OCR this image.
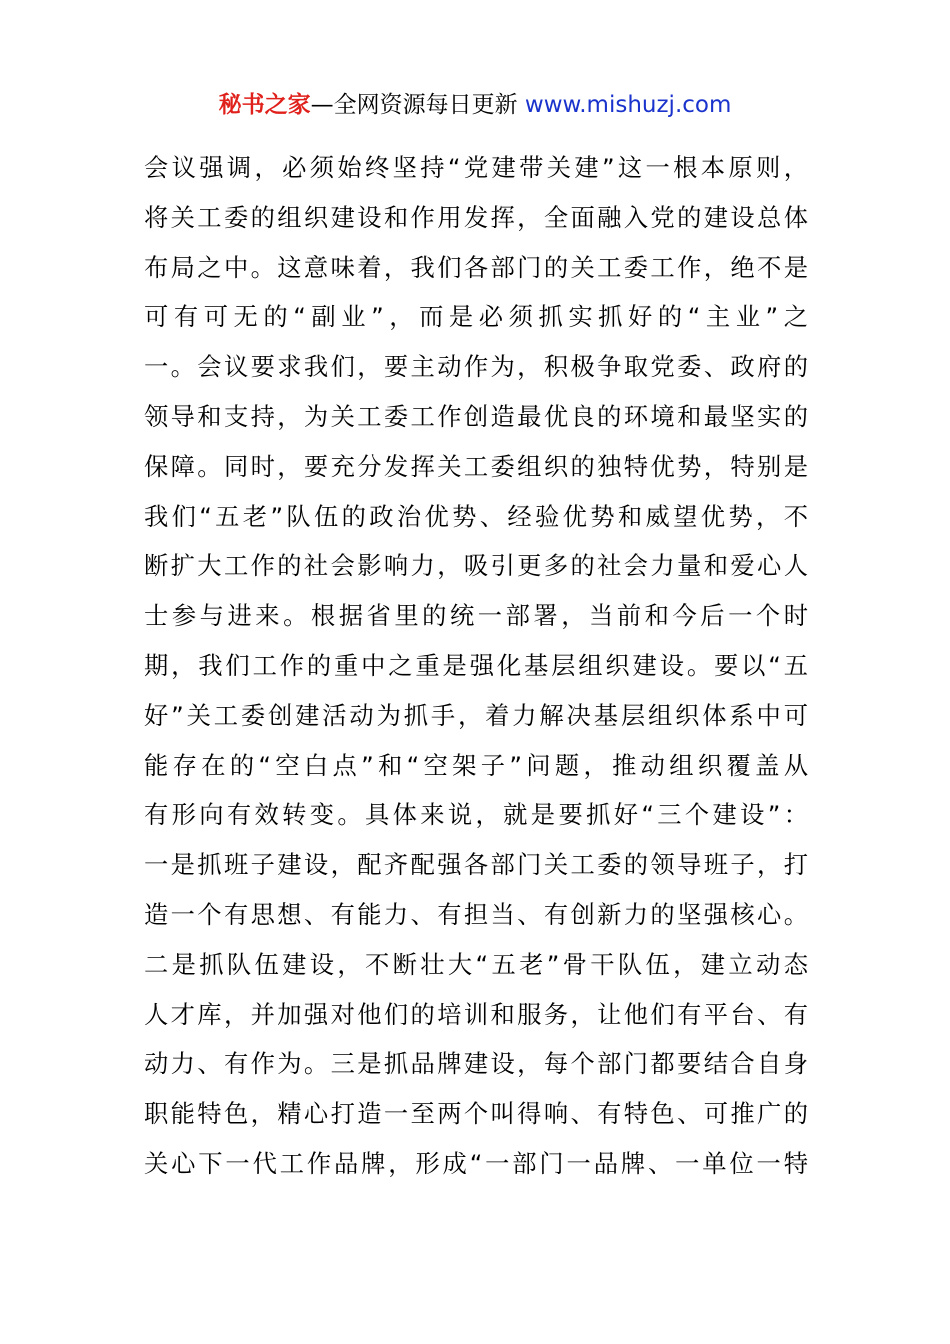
秘书之家—全网资源每日更新 www.mishuzj.com
会议强调，必须始终坚持“党建带关建”这一根本原则，
将关工委的组织建设和作用发挥，全面融入党的建设总体
布局之中。这意味着，我们各部门的关工委工作，绝不是
可有可无的“副业”，而是必须抓实抓好的“主业”之
一。会议要求我们，要主动作为，积极争取党委、政府的
领导和支持，为关工委工作创造最优良的环境和最坚实的
保障。同时，要充分发挥关工委组织的独特优势，特别是
我们“五老”队伍的政治优势、经验优势和威望优势，不
断扩大工作的社会影响力，吸引更多的社会力量和爱心人
士参与进来。根据省里的统一部署，当前和今后一个时
期，我们工作的重中之重是强化基层组织建设。要以“五
好”关工委创建活动为抓手，着力解决基层组织体系中可
能存在的“空白点”和“空架子”问题，推动组织覆盖从
有形向有效转变。具体来说，就是要抓好“三个建设”：
一是抓班子建设，配齐配强各部门关工委的领导班子，打
造一个有思想、有能力、有担当、有创新力的坚强核心。
二是抓队伍建设，不断壮大“五老”骨干队伍，建立动态
人才库，并加强对他们的培训和服务，让他们有平台、有
动力、有作为。三是抓品牌建设，每个部门都要结合自身
职能特色，精心打造一至两个叫得响、有特色、可推广的
关心下一代工作品牌，形成“一部门一品牌、一单位一特
